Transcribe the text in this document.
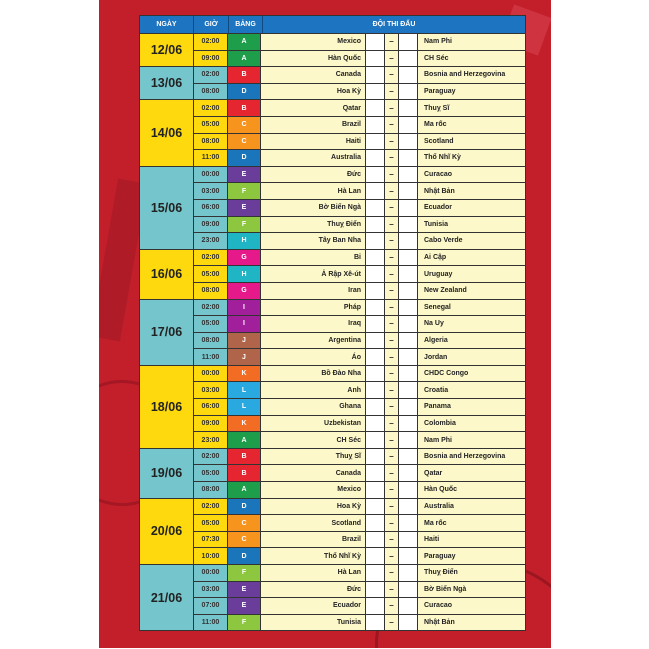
NGÀY	GIỜ	BẢNG	ĐỘI THI ĐẤU
12/06
02:00	A	Mexico	–	Nam Phi
09:00	A	Hàn Quốc	–	CH Séc
13/06
02:00	B	Canada	–	Bosnia and Herzegovina
08:00	D	Hoa Kỳ	–	Paraguay
14/06
02:00	B	Qatar	–	Thuỵ Sĩ
05:00	C	Brazil	–	Ma rốc
08:00	C	Haiti	–	Scotland
11:00	D	Australia	–	Thổ Nhĩ Kỳ
15/06
00:00	E	Đức	–	Curacao
03:00	F	Hà Lan	–	Nhật Bản
06:00	E	Bờ Biển Ngà	–	Ecuador
09:00	F	Thuỵ Điển	–	Tunisia
23:00	H	Tây Ban Nha	–	Cabo Verde
16/06
02:00	G	Bỉ	–	Ai Cập
05:00	H	Ả Rập Xê-út	–	Uruguay
08:00	G	Iran	–	New Zealand
17/06
02:00	I	Pháp	–	Senegal
05:00	I	Iraq	–	Na Uy
08:00	J	Argentina	–	Algeria
11:00	J	Áo	–	Jordan
18/06
00:00	K	Bồ Đào Nha	–	CHDC Congo
03:00	L	Anh	–	Croatia
06:00	L	Ghana	–	Panama
09:00	K	Uzbekistan	–	Colombia
23:00	A	CH Séc	–	Nam Phi
19/06
02:00	B	Thuỵ Sĩ	–	Bosnia and Herzegovina
05:00	B	Canada	–	Qatar
08:00	A	Mexico	–	Hàn Quốc
20/06
02:00	D	Hoa Kỳ	–	Australia
05:00	C	Scotland	–	Ma rốc
07:30	C	Brazil	–	Haiti
10:00	D	Thổ Nhĩ Kỳ	–	Paraguay
21/06
00:00	F	Hà Lan	–	Thuỵ Điển
03:00	E	Đức	–	Bờ Biển Ngà
07:00	E	Ecuador	–	Curacao
11:00	F	Tunisia	–	Nhật Bản
